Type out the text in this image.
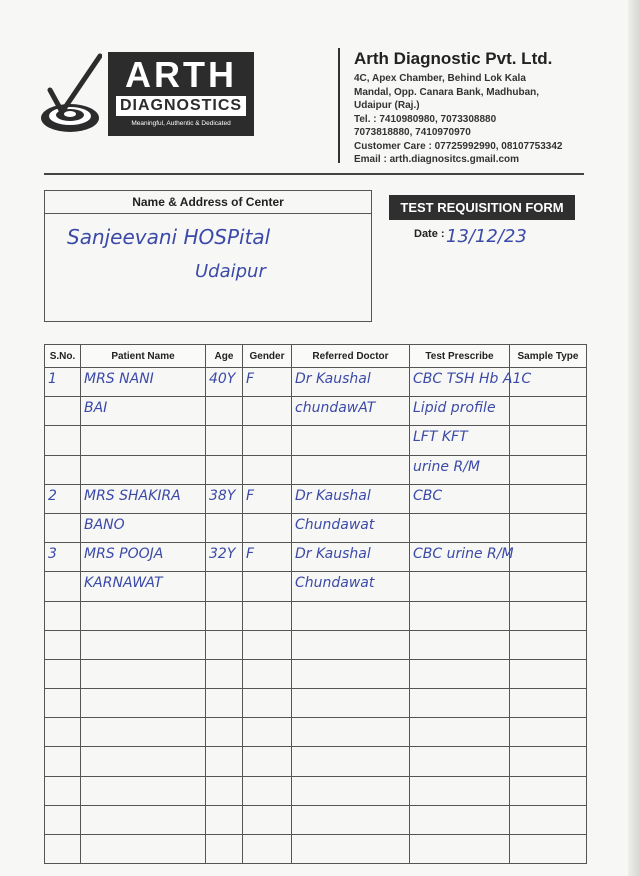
ARTH
DIAGNOSTICS
Meaningful, Authentic & Dedicated
Arth Diagnostic Pvt. Ltd.
4C, Apex Chamber, Behind Lok Kala
Mandal, Opp. Canara Bank, Madhuban,
Udaipur (Raj.)
Tel. : 7410980980, 7073308880
7073818880, 7410970970
Customer Care : 07725992990, 08107753342
Email : arth.diagnositcs.gmail.com
Name & Address of Center
Sanjeevani HOSPital
Udaipur
TEST REQUISITION FORM
Date : 13/12/23
S.No.	Patient Name	Age	Gender	Referred Doctor	Test Prescribe	Sample Type

1	MRS NANI	40Y	F	Dr Kaushal	CBC TSH Hb A1C	

	BAI			chundawAT	Lipid profile	

					LFT KFT	

					urine R/M	

2	MRS SHAKIRA	38Y	F	Dr Kaushal	CBC	

	BANO			Chundawat		

3	MRS POOJA	32Y	F	Dr Kaushal	CBC urine R/M	

	KARNAWAT			Chundawat		
